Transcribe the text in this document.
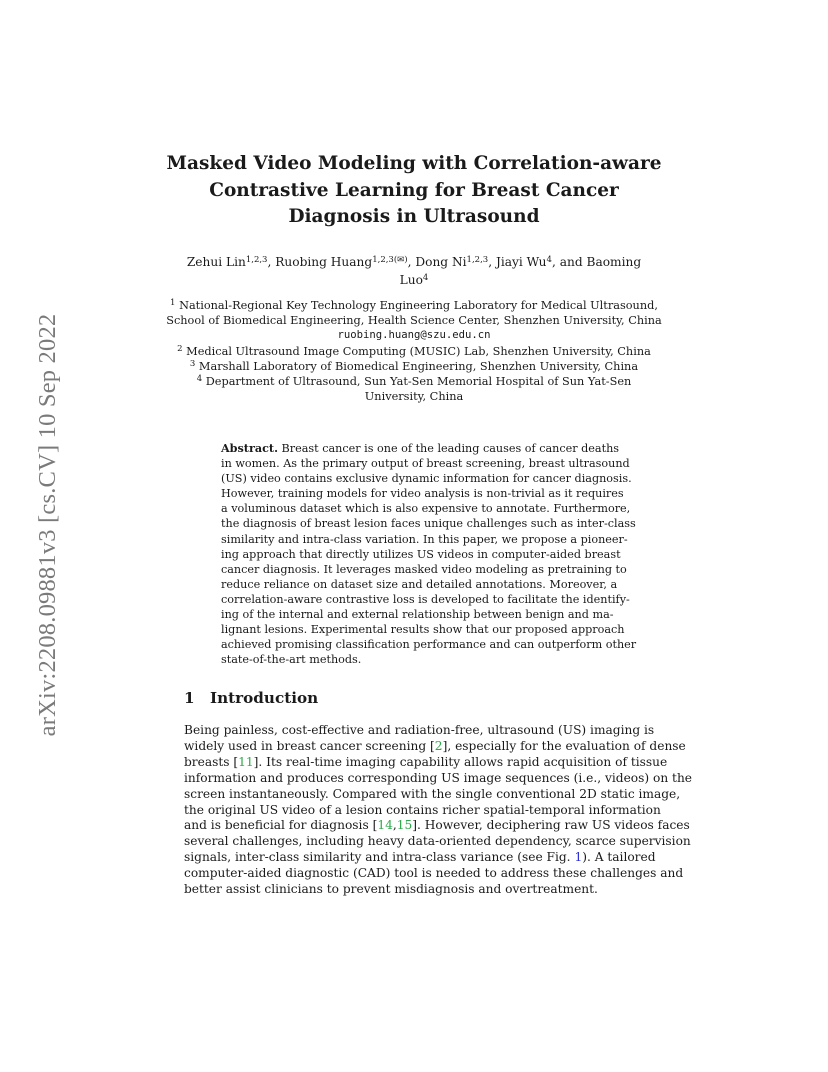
arXiv:2208.09881v3 [cs.CV] 10 Sep 2022
Masked Video Modeling with Correlation-aware
Contrastive Learning for Breast Cancer
Diagnosis in Ultrasound
Zehui Lin$^{1,2,3}$, Ruobing Huang$^{1,2,3(✉)}$, Dong Ni$^{1,2,3}$, Jiayi Wu$^4$, and Baoming
Luo$^4$
$^1$ National-Regional Key Technology Engineering Laboratory for Medical Ultrasound,
School of Biomedical Engineering, Health Science Center, Shenzhen University, China
ruobing.huang@szu.edu.cn
$^2$ Medical Ultrasound Image Computing (MUSIC) Lab, Shenzhen University, China
$^3$ Marshall Laboratory of Biomedical Engineering, Shenzhen University, China
$^4$ Department of Ultrasound, Sun Yat-Sen Memorial Hospital of Sun Yat-Sen
University, China
Abstract. Breast cancer is one of the leading causes of cancer deaths
in women. As the primary output of breast screening, breast ultrasound
(US) video contains exclusive dynamic information for cancer diagnosis.
However, training models for video analysis is non-trivial as it requires
a voluminous dataset which is also expensive to annotate. Furthermore,
the diagnosis of breast lesion faces unique challenges such as inter-class
similarity and intra-class variation. In this paper, we propose a pioneer-
ing approach that directly utilizes US videos in computer-aided breast
cancer diagnosis. It leverages masked video modeling as pretraining to
reduce reliance on dataset size and detailed annotations. Moreover, a
correlation-aware contrastive loss is developed to facilitate the identify-
ing of the internal and external relationship between benign and ma-
lignant lesions. Experimental results show that our proposed approach
achieved promising classification performance and can outperform other
state-of-the-art methods.
1 Introduction
Being painless, cost-effective and radiation-free, ultrasound (US) imaging is
widely used in breast cancer screening [2], especially for the evaluation of dense
breasts [11]. Its real-time imaging capability allows rapid acquisition of tissue
information and produces corresponding US image sequences (i.e., videos) on the
screen instantaneously. Compared with the single conventional 2D static image,
the original US video of a lesion contains richer spatial-temporal information
and is beneficial for diagnosis [14,15]. However, deciphering raw US videos faces
several challenges, including heavy data-oriented dependency, scarce supervision
signals, inter-class similarity and intra-class variance (see Fig. 1). A tailored
computer-aided diagnostic (CAD) tool is needed to address these challenges and
better assist clinicians to prevent misdiagnosis and overtreatment.
